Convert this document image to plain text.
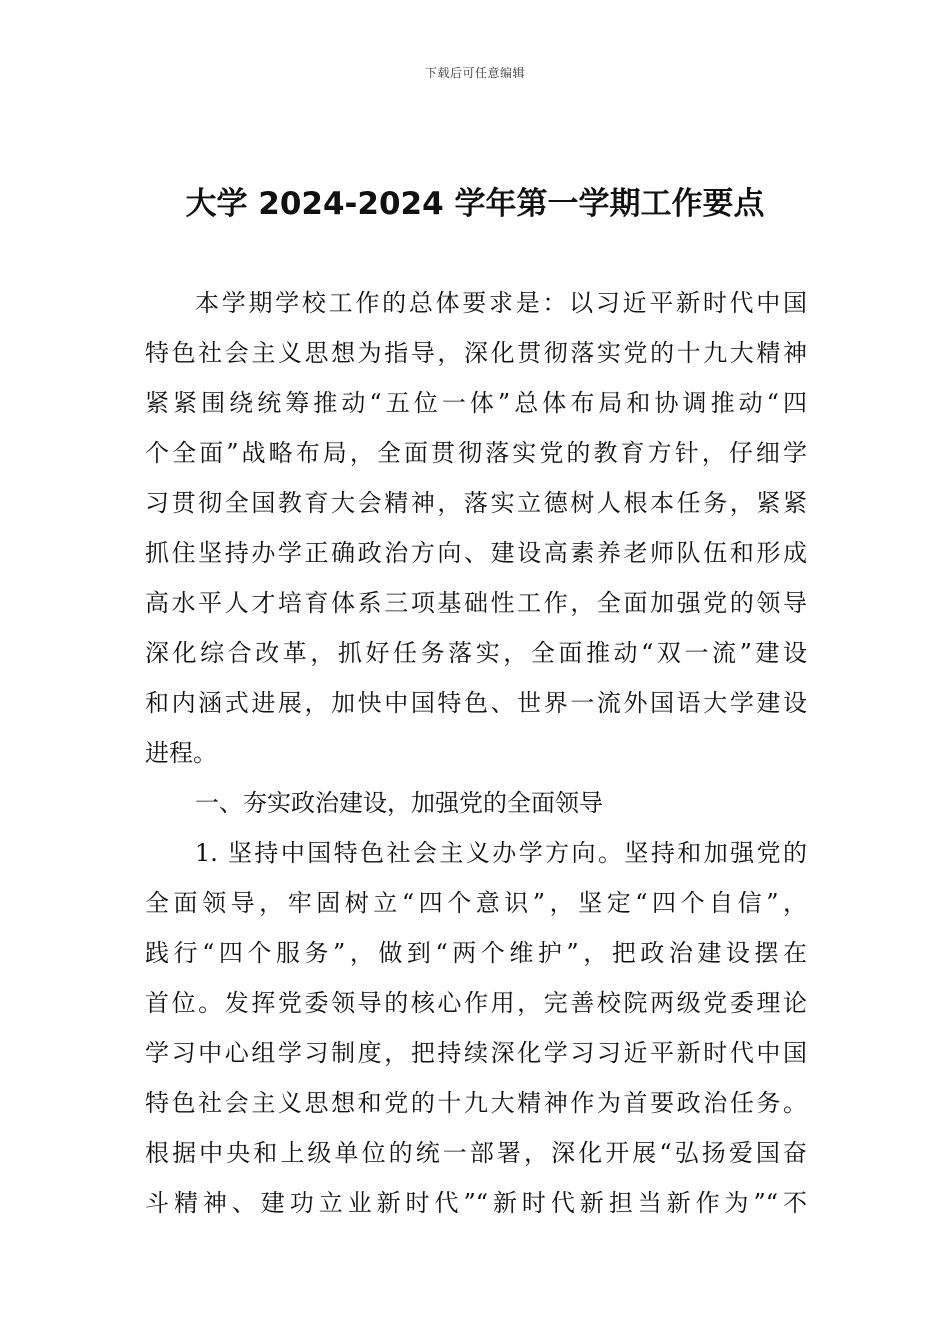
下载后可任意编辑
大学 2024-2024 学年第一学期工作要点
本学期学校工作的总体要求是：以习近平新时代中国
特色社会主义思想为指导，深化贯彻落实党的十九大精神
紧紧围绕统筹推动“五位一体”总体布局和协调推动“四
个全面”战略布局，全面贯彻落实党的教育方针，仔细学
习贯彻全国教育大会精神，落实立德树人根本任务，紧紧
抓住坚持办学正确政治方向、建设高素养老师队伍和形成
高水平人才培育体系三项基础性工作，全面加强党的领导
深化综合改革，抓好任务落实，全面推动“双一流”建设
和内涵式进展，加快中国特色、世界一流外国语大学建设
进程。
一、夯实政治建设，加强党的全面领导
1. 坚持中国特色社会主义办学方向。坚持和加强党的
全面领导，牢固树立“四个意识”，坚定“四个自信”，
践行“四个服务”，做到“两个维护”，把政治建设摆在
首位。发挥党委领导的核心作用，完善校院两级党委理论
学习中心组学习制度，把持续深化学习习近平新时代中国
特色社会主义思想和党的十九大精神作为首要政治任务。
根据中央和上级单位的统一部署，深化开展“弘扬爱国奋
斗精神、建功立业新时代”“新时代新担当新作为”“不
